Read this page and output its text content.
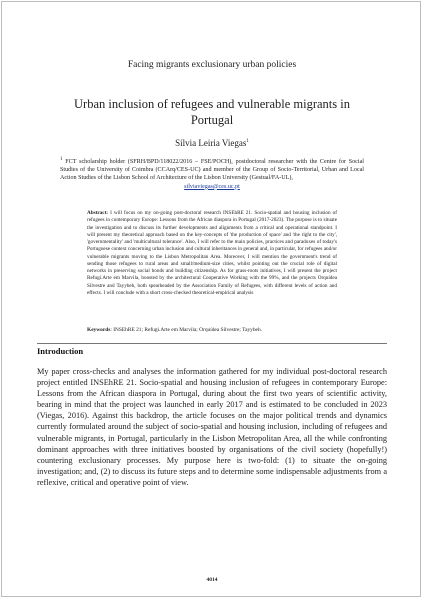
Facing migrants exclusionary urban policies
Urban inclusion of refugees and vulnerable migrants in Portugal
Sílvia Leiria Viegas$^1$
$^1$ FCT scholarship holder (SFRH/BPD/118022/2016 – FSE/POCH), postdoctoral researcher with the Centre for Social Studies of the University of Coimbra (CCArq/CES-UC) and member of the Group of Socio-Territorial, Urban and Local Action Studies of the Lisbon School of Architecture of the Lisbon University (Gestual/FA-UL),
silviaviegas@ces.uc.pt
Abstract: I will focus on my on-going post-doctoral research INSEhRE 21. Socio-spatial and housing inclusion of refugees in contemporary Europe: Lessons from the African diaspora in Portugal (2017-2023). The purpose is to situate the investigation and to discuss its further developments and alignments from a critical and operational standpoint. I will present my theoretical approach based on the key-concepts of 'the production of space' and 'the right to the city', 'governmentality' and 'multicultural tolerance'. Also, I will refer to the main policies, practices and paradoxes of today's Portuguese context concerning urban inclusion and cultural inheritances in general and, in particular, for refugees and/or vulnerable migrants moving to the Lisbon Metropolitan Area. Moreover, I will mention the government's trend of sending those refugees to rural areas and small/medium-size cities, whilst pointing out the crucial role of digital networks in preserving social bonds and building citizenship. As for grass-roots initiatives, I will present the project Refugi.Arte em Marvila, boosted by the architectural Cooperative Working with the 99%, and the projects Orquídea Silvestre and Tayybeh, both spearheaded by the Association Family of Refugees, with different levels of action and effects. I will conclude with a short cross-checked theoretical-empirical analysis
Keywords: INSEhRE 21; Refugi.Arte em Marvila; Orquídea Silvestre; Tayybeh.
Introduction
My paper cross-checks and analyses the information gathered for my individual post-doctoral research project entitled INSEhRE 21. Socio-spatial and housing inclusion of refugees in contemporary Europe: Lessons from the African diaspora in Portugal, during about the first two years of scientific activity, bearing in mind that the project was launched in early 2017 and is estimated to be concluded in 2023 (Viegas, 2016). Against this backdrop, the article focuses on the major political trends and dynamics currently formulated around the subject of socio-spatial and housing inclusion, including of refugees and vulnerable migrants, in Portugal, particularly in the Lisbon Metropolitan Area, all the while confronting dominant approaches with three initiatives boosted by organisations of the civil society (hopefully!) countering exclusionary processes. My purpose here is two-fold: (1) to situate the on-going investigation; and, (2) to discuss its future steps and to determine some indispensable adjustments from a reflexive, critical and operative point of view.
4014
